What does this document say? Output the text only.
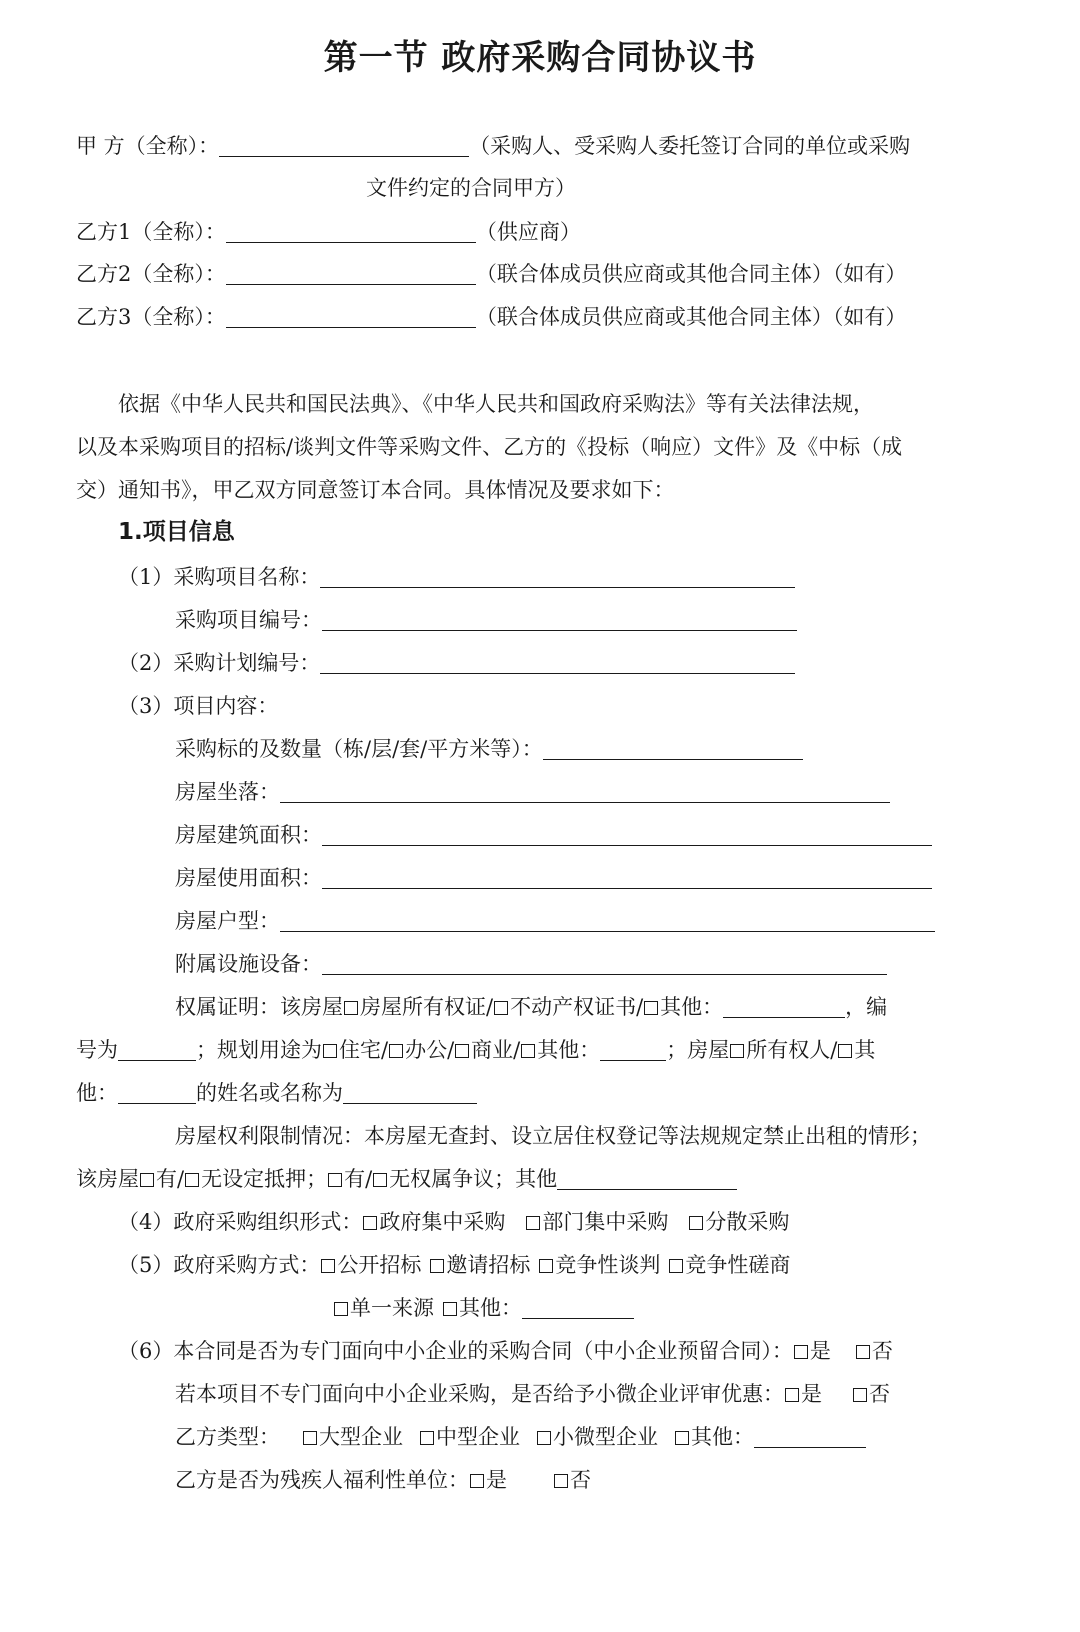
第一节 政府采购合同协议书
甲 方（全称）：	（采购人、受采购人委托签订合同的单位或采购
文件约定的合同甲方）
乙方1（全称）：	（供应商）
乙方2（全称）：	（联合体成员供应商或其他合同主体）（如有）
乙方3（全称）：	（联合体成员供应商或其他合同主体）（如有）
依据《中华人民共和国民法典》、《中华人民共和国政府采购法》等有关法律法规，
以及本采购项目的招标/谈判文件等采购文件、乙方的《投标（响应）文件》及《中标（成
交）通知书》，甲乙双方同意签订本合同。具体情况及要求如下：
1.项目信息
（1）采购项目名称：
采购项目编号：
（2）采购计划编号：
（3）项目内容：
采购标的及数量（栋/层/套/平方米等）：
房屋坐落：
房屋建筑面积：
房屋使用面积：
房屋户型：
附属设施设备：
权属证明：该房屋 房屋所有权证/ 不动产权证书/ 其他：	，编
号为	；规划用途为 住宅/ 办公/ 商业/ 其他：	；房屋 所有权人/ 其
他：	的姓名或名称为
房屋权利限制情况：本房屋无查封、设立居住权登记等法规规定禁止出租的情形；
该房屋 有/ 无设定抵押； 有/ 无权属争议；其他
（4）政府采购组织形式： 政府集中采购 部门集中采购 分散采购
（5）政府采购方式： 公开招标 邀请招标 竞争性谈判 竞争性磋商
单一来源 其他：
（6）本合同是否为专门面向中小企业的采购合同（中小企业预留合同）： 是 否
若本项目不专门面向中小企业采购，是否给予小微企业评审优惠： 是 否
乙方类型： 大型企业 中型企业 小微型企业 其他：
乙方是否为残疾人福利性单位： 是	否
